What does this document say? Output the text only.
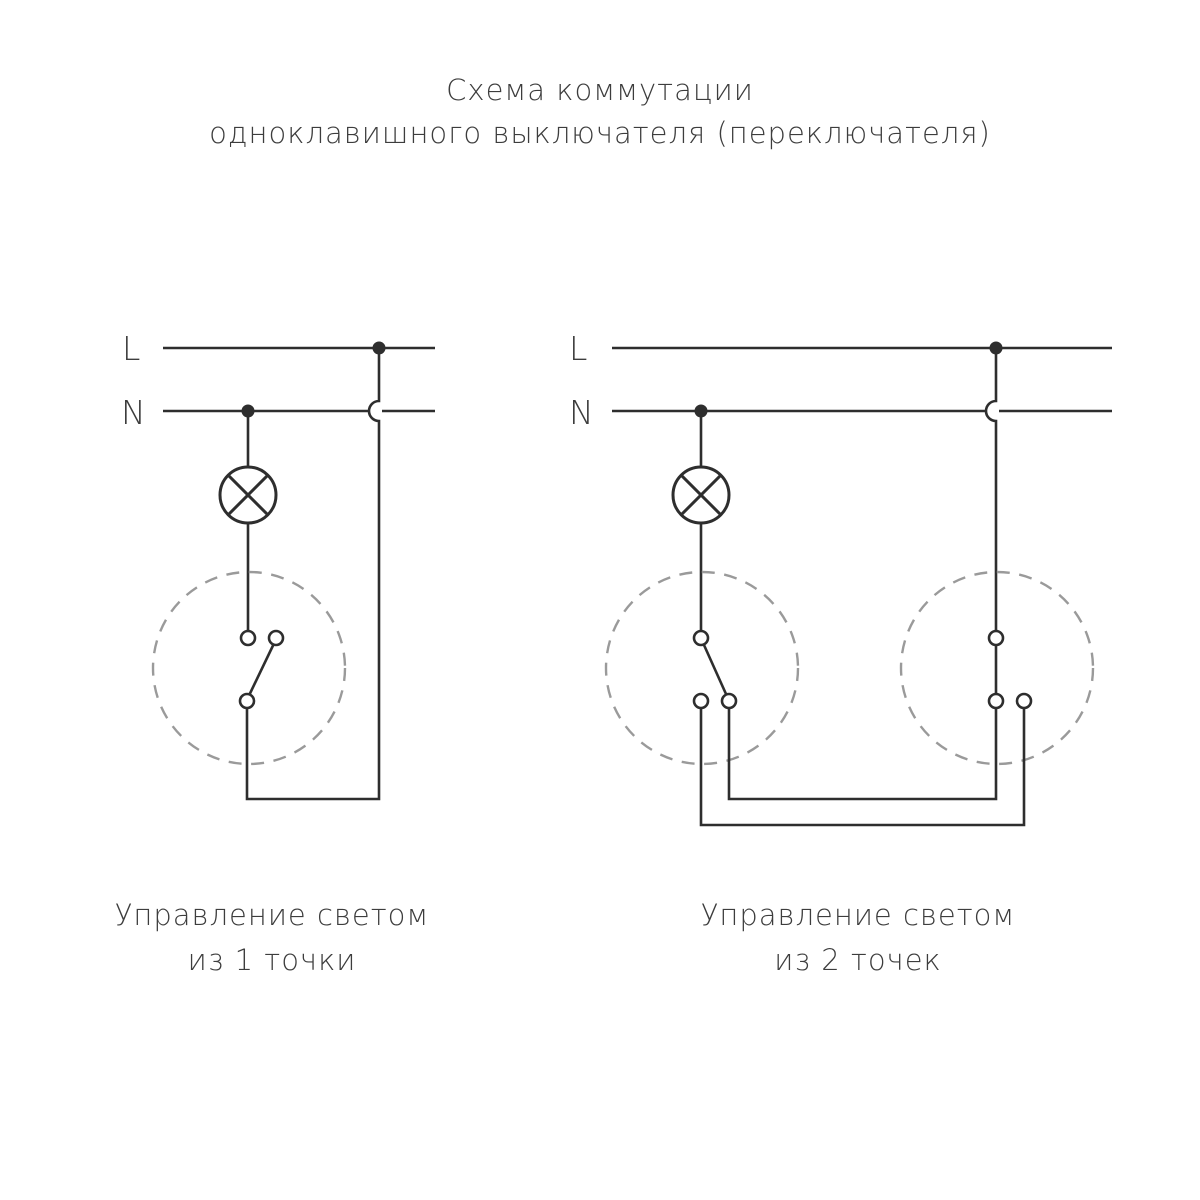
Схема коммутации
одноклавишного выключателя (переключателя)
L
N
L
N
Управление светом
из 1 точки
Управление светом
из 2 точек
